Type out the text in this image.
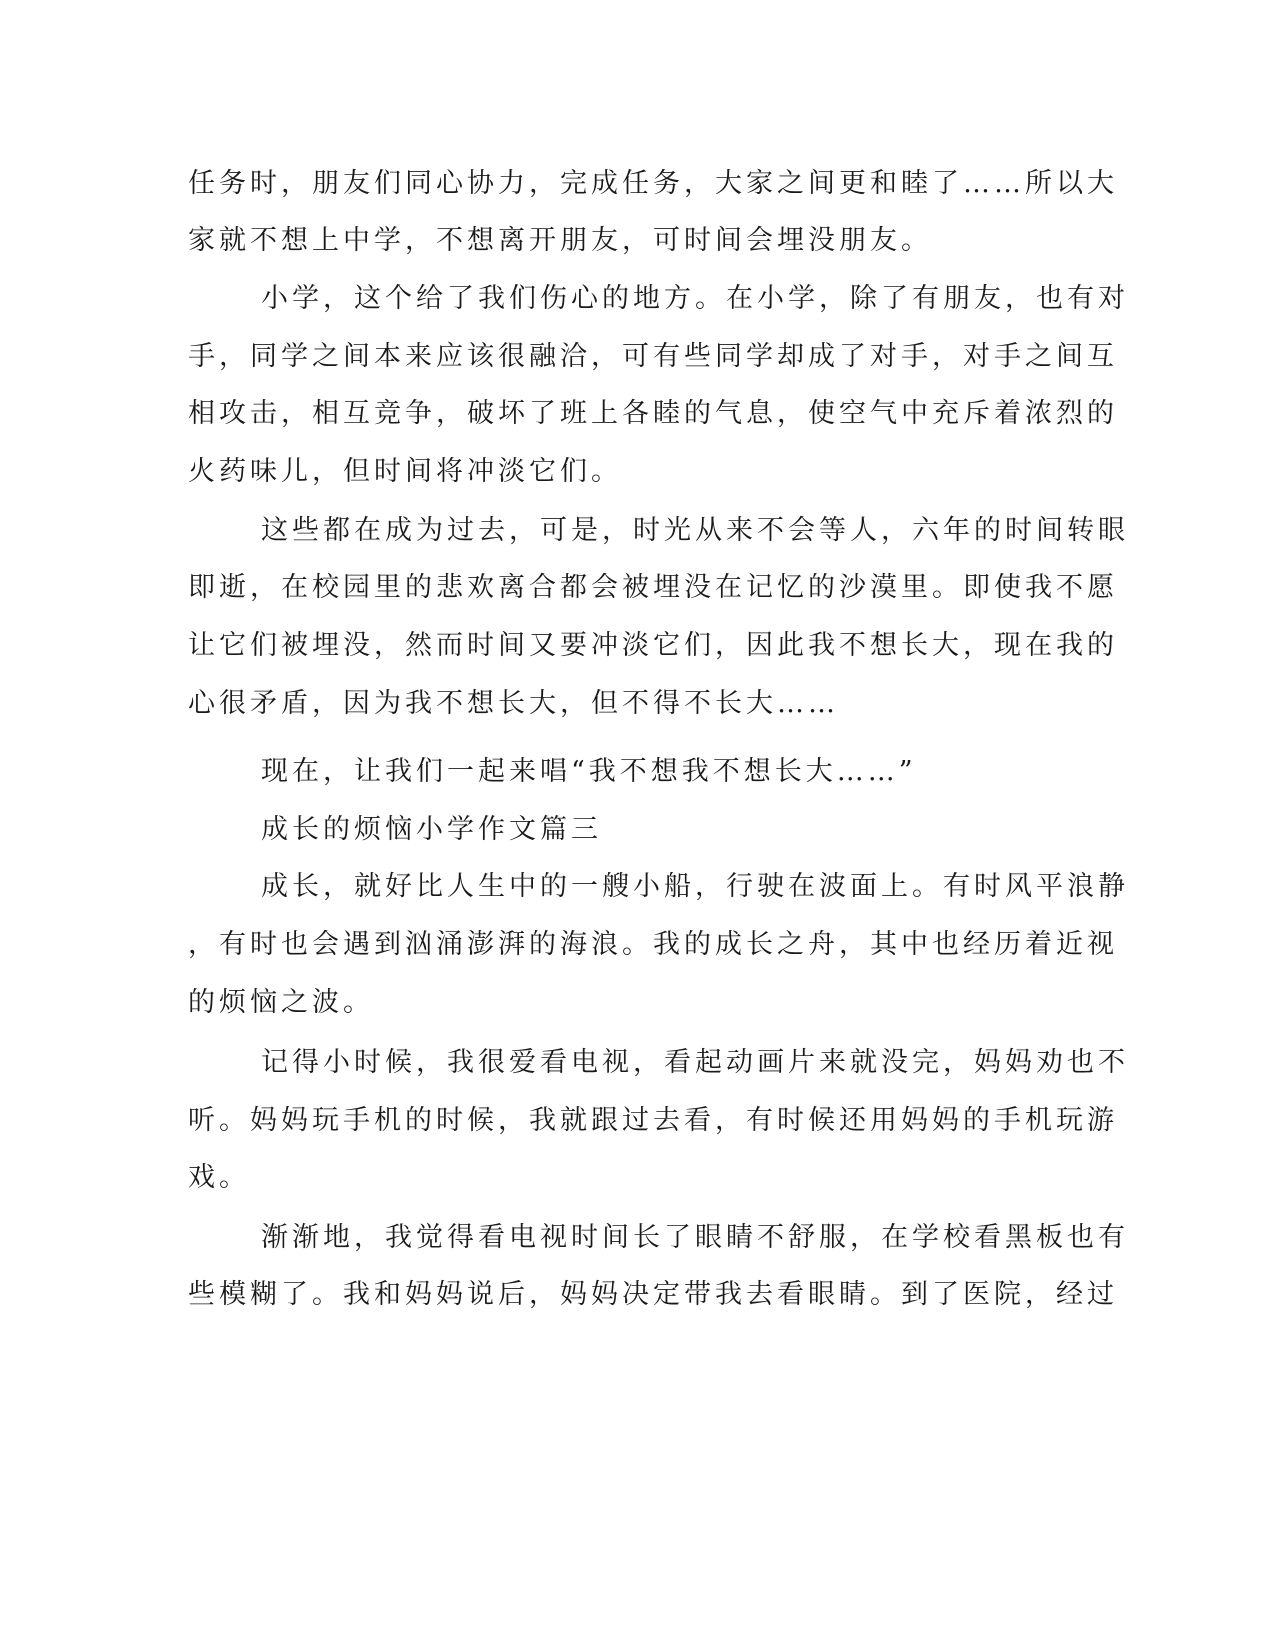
任务时，朋友们同心协力，完成任务，大家之间更和睦了……所以大
家就不想上中学，不想离开朋友，可时间会埋没朋友。
小学，这个给了我们伤心的地方。在小学，除了有朋友，也有对
手，同学之间本来应该很融洽，可有些同学却成了对手，对手之间互
相攻击，相互竞争，破坏了班上各睦的气息，使空气中充斥着浓烈的
火药味儿，但时间将冲淡它们。
这些都在成为过去，可是，时光从来不会等人，六年的时间转眼
即逝，在校园里的悲欢离合都会被埋没在记忆的沙漠里。即使我不愿
让它们被埋没，然而时间又要冲淡它们，因此我不想长大，现在我的
心很矛盾，因为我不想长大，但不得不长大……
现在，让我们一起来唱“我不想我不想长大……”
成长的烦恼小学作文篇三
成长，就好比人生中的一艘小船，行驶在波面上。有时风平浪静
，有时也会遇到汹涌澎湃的海浪。我的成长之舟，其中也经历着近视
的烦恼之波。
记得小时候，我很爱看电视，看起动画片来就没完，妈妈劝也不
听。妈妈玩手机的时候，我就跟过去看，有时候还用妈妈的手机玩游
戏。
渐渐地，我觉得看电视时间长了眼睛不舒服，在学校看黑板也有
些模糊了。我和妈妈说后，妈妈决定带我去看眼睛。到了医院，经过
